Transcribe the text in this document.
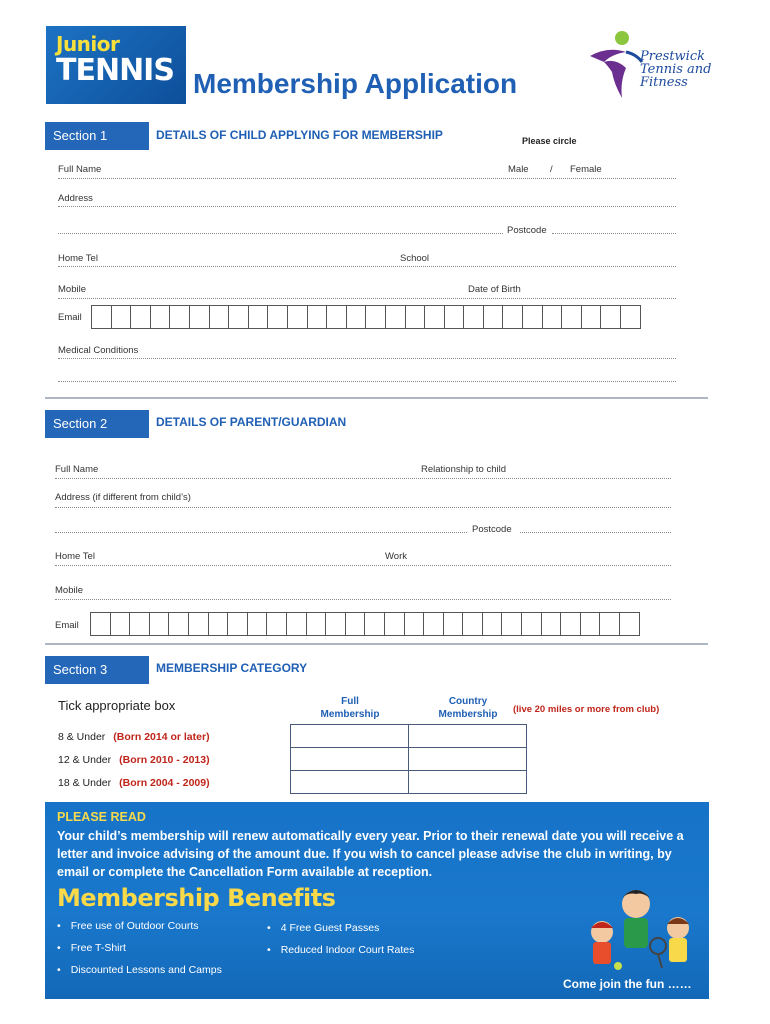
Junior
TENNIS Membership Application
Prestwick
Tennis and
Fitness
Section 1	DETAILS OF CHILD APPLYING FOR MEMBERSHIP	Please circle
Full Name	Male / Female
Address
Postcode
Home Tel	School
Mobile	Date of Birth
Email
Medical Conditions
Section 2	DETAILS OF PARENT/GUARDIAN
Full Name	Relationship to child
Address (if different from child’s)
Postcode
Home Tel	Work
Mobile
Email
Section 3	MEMBERSHIP CATEGORY
Tick appropriate box	Full
Membership
Country
Membership	(live 20 miles or more from club)
8 & Under (Born 2014 or later)
12 & Under (Born 2010 - 2013)
18 & Under (Born 2004 - 2009)

PLEASE READ
Your child’s membership will renew automatically every year. Prior to their renewal date you will receive a letter and invoice advising of the amount due. If you wish to cancel please advise the club in writing, by email or complete the Cancellation Form available at reception.
Membership Benefits
• Free use of Outdoor Courts	• 4 Free Guest Passes
• Free T-Shirt	• Reduced Indoor Court Rates
• Discounted Lessons and Camps
Come join the fun ……
